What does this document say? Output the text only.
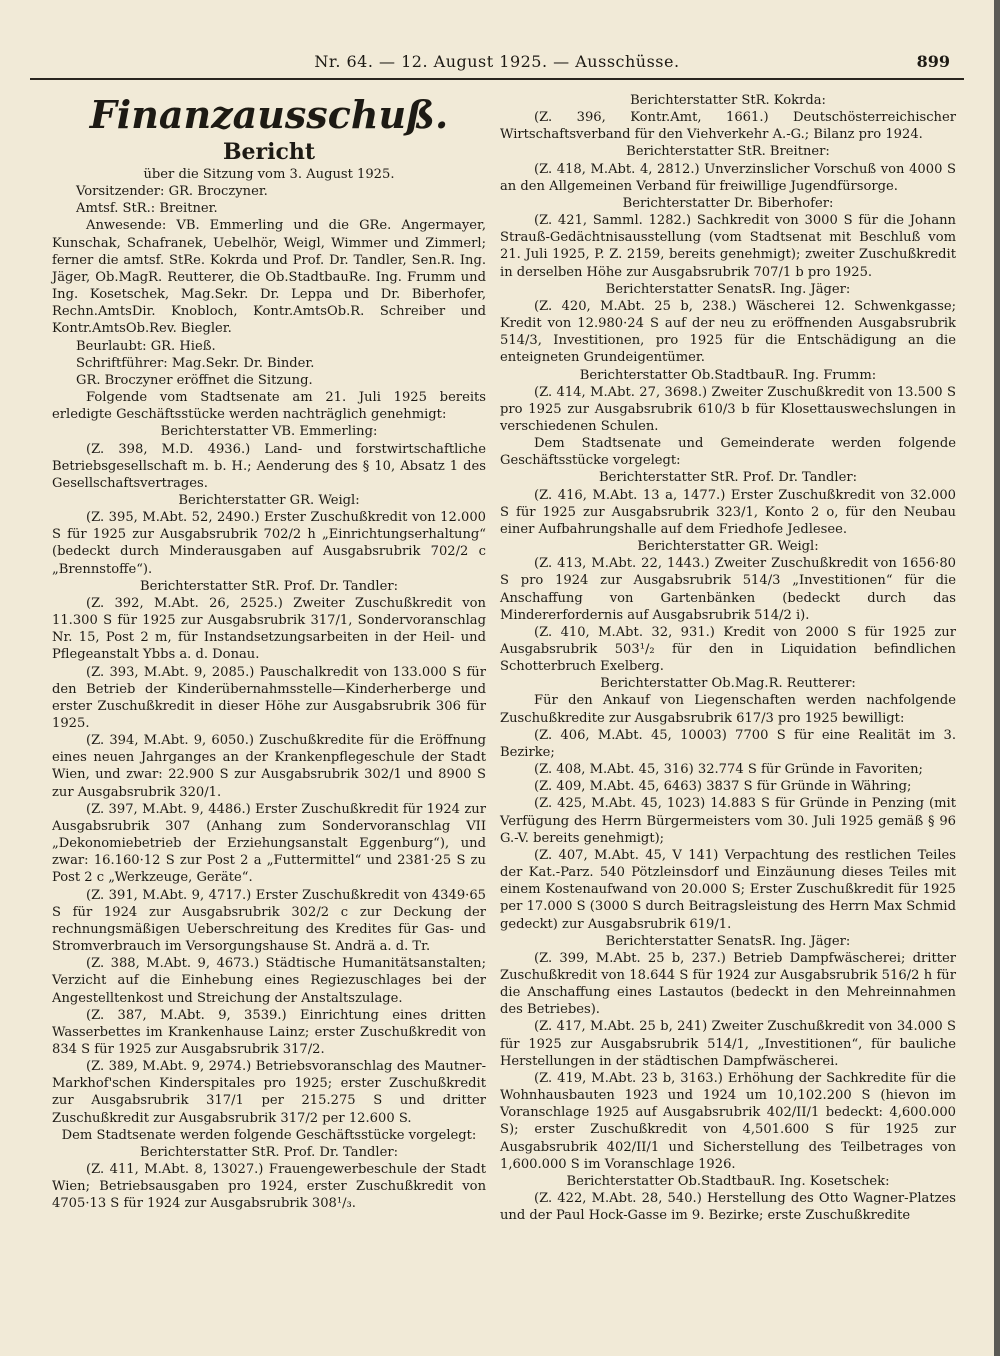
Nr. 64. — 12. August 1925. — Ausschüsse.	899

Finanzausschuß.

Bericht

über die Sitzung vom 3. August 1925.

Vorsitzender: GR. Broczyner.

Amtsf. StR.: Breitner.

Anwesende: VB. Emmerling und die GRe. Angermayer, Kunschak, Schafranek, Uebelhör, Weigl, Wimmer und Zimmerl; ferner die amtsf. StRe. Kokrda und Prof. Dr. Tandler, Sen.R. Ing. Jäger, Ob.MagR. Reutterer, die Ob.StadtbauRe. Ing. Frumm und Ing. Kosetschek, Mag.Sekr. Dr. Leppa und Dr. Biberhofer, Rechn.AmtsDir. Knobloch, Kontr.AmtsOb.R. Schreiber und Kontr.AmtsOb.Rev. Biegler.

Beurlaubt: GR. Hieß.

Schriftführer: Mag.Sekr. Dr. Binder.

GR. Broczyner eröffnet die Sitzung.

Folgende vom Stadtsenate am 21. Juli 1925 bereits erledigte Geschäftsstücke werden nachträglich genehmigt:

Berichterstatter VB. Emmerling:

(Z. 398, M.D. 4936.) Land- und forstwirtschaftliche Betriebsgesellschaft m. b. H.; Aenderung des § 10, Absatz 1 des Gesellschaftsvertrages.

Berichterstatter GR. Weigl:

(Z. 395, M.Abt. 52, 2490.) Erster Zuschußkredit von 12.000 S für 1925 zur Ausgabsrubrik 702/2 h „Einrichtungserhaltung“ (bedeckt durch Minderausgaben auf Ausgabsrubrik 702/2 c „Brennstoffe“).

Berichterstatter StR. Prof. Dr. Tandler:

(Z. 392, M.Abt. 26, 2525.) Zweiter Zuschußkredit von 11.300 S für 1925 zur Ausgabsrubrik 317/1, Sondervoranschlag Nr. 15, Post 2 m, für Instandsetzungsarbeiten in der Heil- und Pflegeanstalt Ybbs a. d. Donau.

(Z. 393, M.Abt. 9, 2085.) Pauschalkredit von 133.000 S für den Betrieb der Kinderübernahmsstelle—Kinderherberge und erster Zuschußkredit in dieser Höhe zur Ausgabsrubrik 306 für 1925.

(Z. 394, M.Abt. 9, 6050.) Zuschußkredite für die Eröffnung eines neuen Jahrganges an der Krankenpflegeschule der Stadt Wien, und zwar: 22.900 S zur Ausgabsrubrik 302/1 und 8900 S zur Ausgabsrubrik 320/1.

(Z. 397, M.Abt. 9, 4486.) Erster Zuschußkredit für 1924 zur Ausgabsrubrik 307 (Anhang zum Sondervoranschlag VII „Dekonomiebetrieb der Erziehungsanstalt Eggenburg“), und zwar: 16.160·12 S zur Post 2 a „Futtermittel“ und 2381·25 S zu Post 2 c „Werkzeuge, Geräte“.

(Z. 391, M.Abt. 9, 4717.) Erster Zuschußkredit von 4349·65 S für 1924 zur Ausgabsrubrik 302/2 c zur Deckung der rechnungsmäßigen Ueberschreitung des Kredites für Gas- und Stromverbrauch im Versorgungshause St. Andrä a. d. Tr.

(Z. 388, M.Abt. 9, 4673.) Städtische Humanitätsanstalten; Verzicht auf die Einhebung eines Regiezuschlages bei der Angestelltenkost und Streichung der Anstaltszulage.

(Z. 387, M.Abt. 9, 3539.) Einrichtung eines dritten Wasserbettes im Krankenhause Lainz; erster Zuschußkredit von 834 S für 1925 zur Ausgabsrubrik 317/2.

(Z. 389, M.Abt. 9, 2974.) Betriebsvoranschlag des Mautner-Markhof'schen Kinderspitales pro 1925; erster Zuschußkredit zur Ausgabsrubrik 317/1 per 215.275 S und dritter Zuschußkredit zur Ausgabsrubrik 317/2 per 12.600 S.

Dem Stadtsenate werden folgende Geschäftsstücke vorgelegt:

Berichterstatter StR. Prof. Dr. Tandler:

(Z. 411, M.Abt. 8, 13027.) Frauengewerbeschule der Stadt Wien; Betriebsausgaben pro 1924, erster Zuschußkredit von 4705·13 S für 1924 zur Ausgabsrubrik 308¹/₃.

Berichterstatter StR. Kokrda:

(Z. 396, Kontr.Amt, 1661.) Deutschösterreichischer Wirtschaftsverband für den Viehverkehr A.-G.; Bilanz pro 1924.

Berichterstatter StR. Breitner:

(Z. 418, M.Abt. 4, 2812.) Unverzinslicher Vorschuß von 4000 S an den Allgemeinen Verband für freiwillige Jugendfürsorge.

Berichterstatter Dr. Biberhofer:

(Z. 421, Samml. 1282.) Sachkredit von 3000 S für die Johann Strauß-Gedächtnisausstellung (vom Stadtsenat mit Beschluß vom 21. Juli 1925, P. Z. 2159, bereits genehmigt); zweiter Zuschußkredit in derselben Höhe zur Ausgabsrubrik 707/1 b pro 1925.

Berichterstatter SenatsR. Ing. Jäger:

(Z. 420, M.Abt. 25 b, 238.) Wäscherei 12. Schwenkgasse; Kredit von 12.980·24 S auf der neu zu eröffnenden Ausgabsrubrik 514/3, Investitionen, pro 1925 für die Entschädigung an die enteigneten Grundeigentümer.

Berichterstatter Ob.StadtbauR. Ing. Frumm:

(Z. 414, M.Abt. 27, 3698.) Zweiter Zuschußkredit von 13.500 S pro 1925 zur Ausgabsrubrik 610/3 b für Klosettauswechslungen in verschiedenen Schulen.

Dem Stadtsenate und Gemeinderate werden folgende Geschäftsstücke vorgelegt:

Berichterstatter StR. Prof. Dr. Tandler:

(Z. 416, M.Abt. 13 a, 1477.) Erster Zuschußkredit von 32.000 S für 1925 zur Ausgabsrubrik 323/1, Konto 2 o, für den Neubau einer Aufbahrungshalle auf dem Friedhofe Jedlesee.

Berichterstatter GR. Weigl:

(Z. 413, M.Abt. 22, 1443.) Zweiter Zuschußkredit von 1656·80 S pro 1924 zur Ausgabsrubrik 514/3 „Investitionen“ für die Anschaffung von Gartenbänken (bedeckt durch das Mindererfordernis auf Ausgabsrubrik 514/2 i).

(Z. 410, M.Abt. 32, 931.) Kredit von 2000 S für 1925 zur Ausgabsrubrik 503¹/₂ für den in Liquidation befindlichen Schotterbruch Exelberg.

Berichterstatter Ob.Mag.R. Reutterer:

Für den Ankauf von Liegenschaften werden nachfolgende Zuschußkredite zur Ausgabsrubrik 617/3 pro 1925 bewilligt:

(Z. 406, M.Abt. 45, 10003) 7700 S für eine Realität im 3. Bezirke;

(Z. 408, M.Abt. 45, 316) 32.774 S für Gründe in Favoriten;

(Z. 409, M.Abt. 45, 6463) 3837 S für Gründe in Währing;

(Z. 425, M.Abt. 45, 1023) 14.883 S für Gründe in Penzing (mit Verfügung des Herrn Bürgermeisters vom 30. Juli 1925 gemäß § 96 G.-V. bereits genehmigt);

(Z. 407, M.Abt. 45, V 141) Verpachtung des restlichen Teiles der Kat.-Parz. 540 Pötzleinsdorf und Einzäunung dieses Teiles mit einem Kostenaufwand von 20.000 S; Erster Zuschußkredit für 1925 per 17.000 S (3000 S durch Beitragsleistung des Herrn Max Schmid gedeckt) zur Ausgabsrubrik 619/1.

Berichterstatter SenatsR. Ing. Jäger:

(Z. 399, M.Abt. 25 b, 237.) Betrieb Dampfwäscherei; dritter Zuschußkredit von 18.644 S für 1924 zur Ausgabsrubrik 516/2 h für die Anschaffung eines Lastautos (bedeckt in den Mehreinnahmen des Betriebes).

(Z. 417, M.Abt. 25 b, 241) Zweiter Zuschußkredit von 34.000 S für 1925 zur Ausgabsrubrik 514/1, „Investitionen“, für bauliche Herstellungen in der städtischen Dampfwäscherei.

(Z. 419, M.Abt. 23 b, 3163.) Erhöhung der Sachkredite für die Wohnhausbauten 1923 und 1924 um 10,102.200 S (hievon im Voranschlage 1925 auf Ausgabsrubrik 402/II/1 bedeckt: 4,600.000 S); erster Zuschußkredit von 4,501.600 S für 1925 zur Ausgabsrubrik 402/II/1 und Sicherstellung des Teilbetrages von 1,600.000 S im Voranschlage 1926.

Berichterstatter Ob.StadtbauR. Ing. Kosetschek:

(Z. 422, M.Abt. 28, 540.) Herstellung des Otto Wagner-Platzes und der Paul Hock-Gasse im 9. Bezirke; erste Zuschußkredite
